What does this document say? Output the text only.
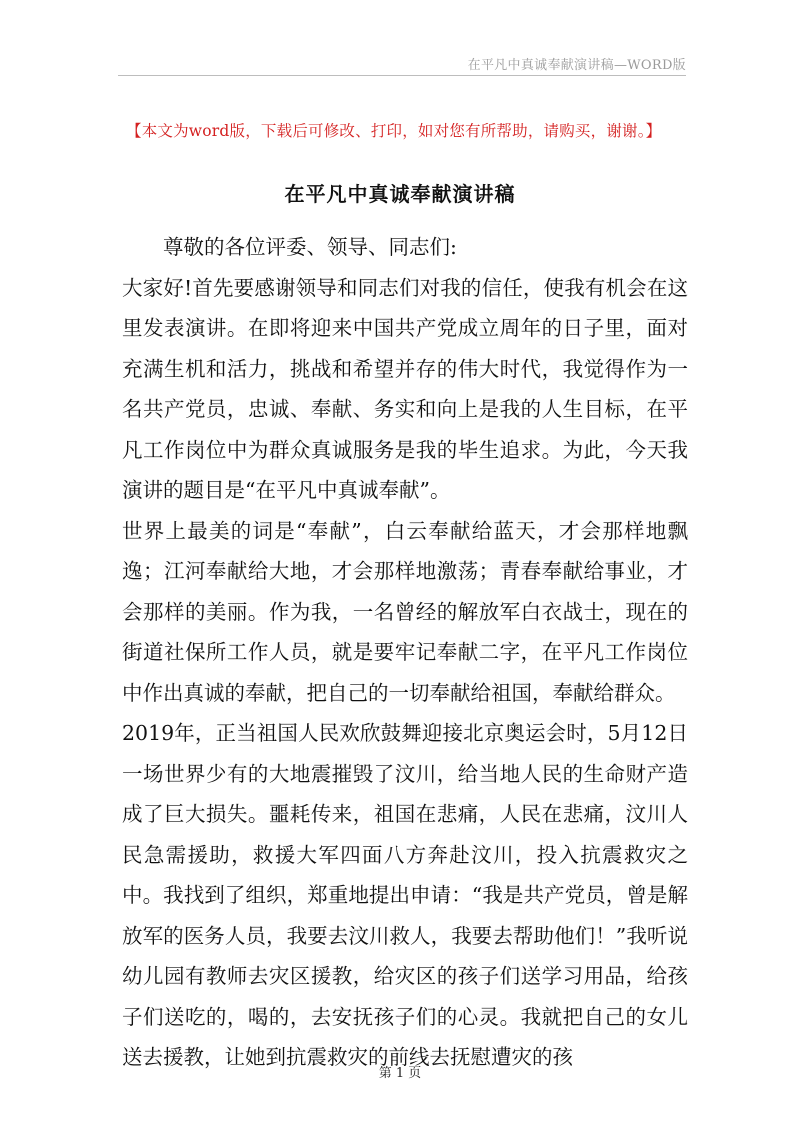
在平凡中真诚奉献演讲稿—WORD版
【本文为word版，下载后可修改、打印，如对您有所帮助，请购买，谢谢。】
在平凡中真诚奉献演讲稿

尊敬的各位评委、领导、同志们:

大家好!首先要感谢领导和同志们对我的信任，使我有机会在这里发表演讲。在即将迎来中国共产党成立周年的日子里，面对充满生机和活力，挑战和希望并存的伟大时代，我觉得作为一名共产党员，忠诚、奉献、务实和向上是我的人生目标，在平凡工作岗位中为群众真诚服务是我的毕生追求。为此，今天我演讲的题目是“在平凡中真诚奉献”。

世界上最美的词是“奉献”，白云奉献给蓝天，才会那样地飘逸；江河奉献给大地，才会那样地激荡；青春奉献给事业，才会那样的美丽。作为我，一名曾经的解放军白衣战士，现在的街道社保所工作人员，就是要牢记奉献二字，在平凡工作岗位中作出真诚的奉献，把自己的一切奉献给祖国，奉献给群众。

2019年，正当祖国人民欢欣鼓舞迎接北京奥运会时，5月12日一场世界少有的大地震摧毁了汶川，给当地人民的生命财产造成了巨大损失。噩耗传来，祖国在悲痛，人民在悲痛，汶川人民急需援助，救援大军四面八方奔赴汶川，投入抗震救灾之中。我找到了组织，郑重地提出申请：“我是共产党员，曾是解放军的医务人员，我要去汶川救人，我要去帮助他们！”我听说幼儿园有教师去灾区援教，给灾区的孩子们送学习用品，给孩子们送吃的，喝的，去安抚孩子们的心灵。我就把自己的女儿送去援教，让她到抗震救灾的前线去抚慰遭灾的孩

第 1 页
